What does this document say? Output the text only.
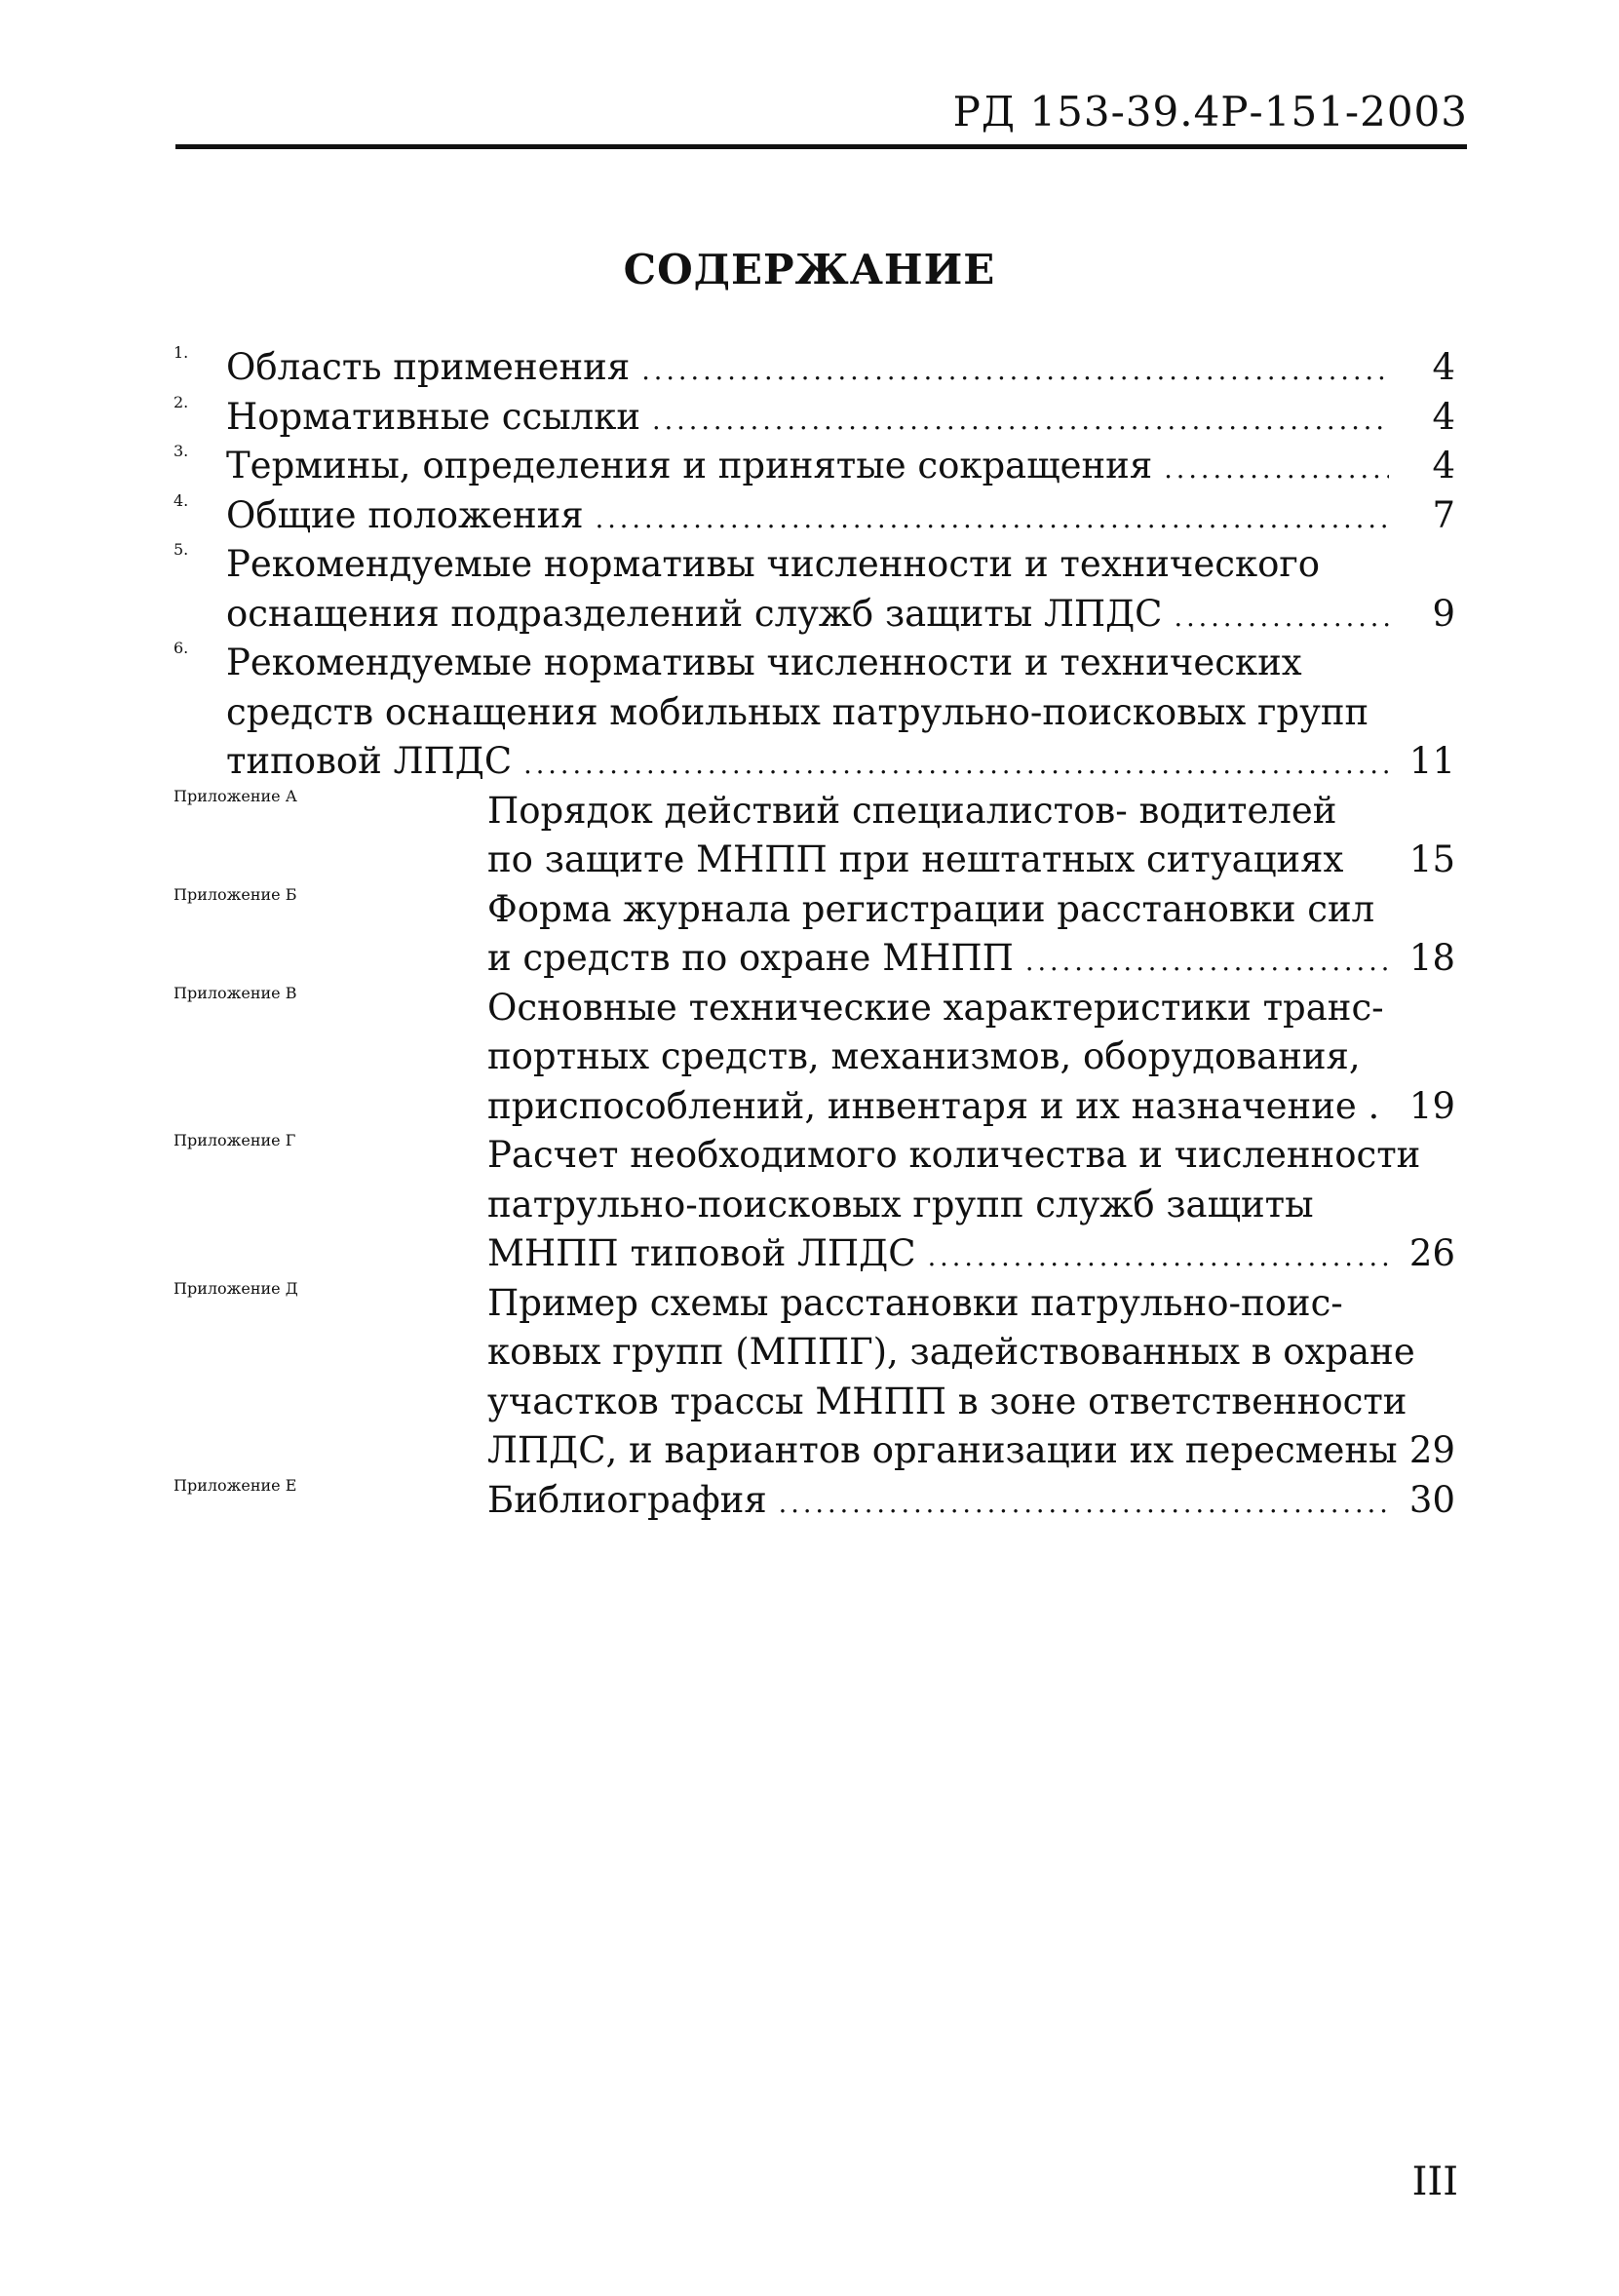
РД 153-39.4Р-151-2003
СОДЕРЖАНИЕ
1.	Область применения .....	4
2.	Нормативные ссылки .....	4
3.	Термины, определения и принятые сокращения .....	4
4.	Общие положения .....	7
5.	Рекомендуемые нормативы численности и технического
оснащения подразделений служб защиты ЛПДС .....	9
6.	Рекомендуемые нормативы численности и технических
средств оснащения мобильных патрульно-поисковых групп
типовой ЛПДС .....	11
Приложение А	Порядок действий специалистов- водителей
по защите МНПП при нештатных ситуациях 15
Приложение Б	Форма журнала регистрации расстановки сил
и средств по охране МНПП .....	18
Приложение В	Основные технические характеристики транс-
портных средств, механизмов, оборудования,
приспособлений, инвентаря и их назначение . 19
Приложение Г	Расчет необходимого количества и численности
патрульно-поисковых групп служб защиты
МНПП типовой ЛПДС .....	26
Приложение Д	Пример схемы расстановки патрульно-поис-
ковых групп (МППГ), задействованных в охране
участков трассы МНПП в зоне ответственности
ЛПДС, и вариантов организации их пересмены 29
Приложение Е	Библиография .....	30
III
